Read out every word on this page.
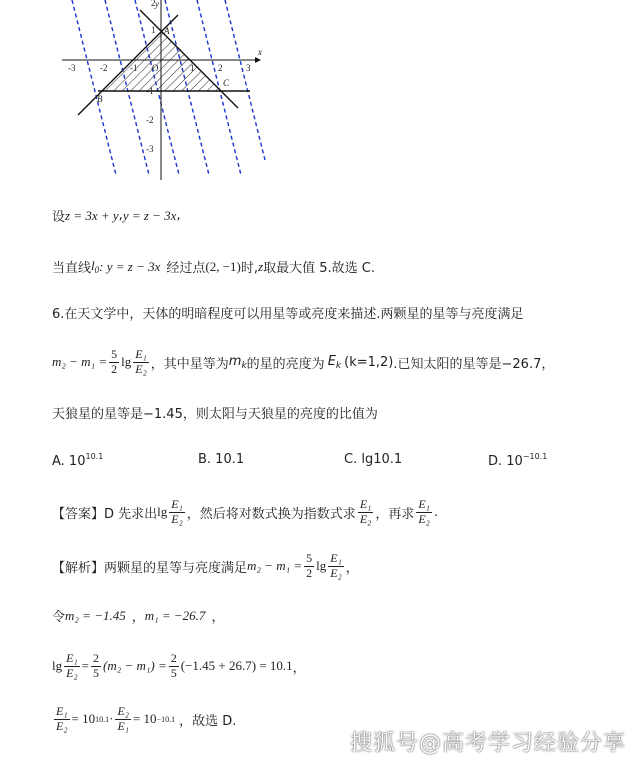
x
y
-3	-2	-1 O	1	2	3
2
1
-1
-2
-3
A
B
C
设 z = 3x + y , y = z − 3x ,
当直线 $l_0$ : y = z − 3x 经过点 (2, −1) 时, z 取最大值 5.故选 C.
6.在天文学中，天体的明暗程度可以用星等或亮度来描述.两颗星的星等与亮度满足
$m_2 - m_1 = \frac{5}{2}$ $\lg \frac{\text{E₁}}{\text{E₂}}$ ，其中星等为 $m_k$ 的星的亮度为 $E_k$ (k=1,2) .已知太阳的星等是−26.7，
天狼星的星等是−1.45，则太阳与天狼星的亮度的比值为
A. $10^{10.1}$	B. 10.1	C. lg10.1	D. $10^{-10.1}$
【答案】D 先求出 $\lg \frac{\text{E₁}}{\text{E₂}}$ ，然后将对数式换为指数式求 $\frac{\text{E₁}}{\text{E₂}}$ ，再求 $\frac{\text{E₁}}{\text{E₂}}$ .
【解析】两颗星的星等与亮度满足 $m_2 - m_1 = \frac{5}{2}$ $\lg \frac{\text{E₁}}{\text{E₂}}$ ，
令 m₂ = −1.45 ， m₁ = −26.7 ，
$\lg \frac{\text{E₁}}{\text{E₂}} = \frac{2}{5} (m_2 - m_1) = \frac{2}{5} (-1.45 + 26.7) = 10.1$ ，
$\frac{\text{E₁}}{\text{E₂}} = 10$ $10.1 \cdot \frac{\text{E₂}}{\text{E₁}} = 10 -10.1$ ，故选 D.
搜狐号@高考学习经验分享
